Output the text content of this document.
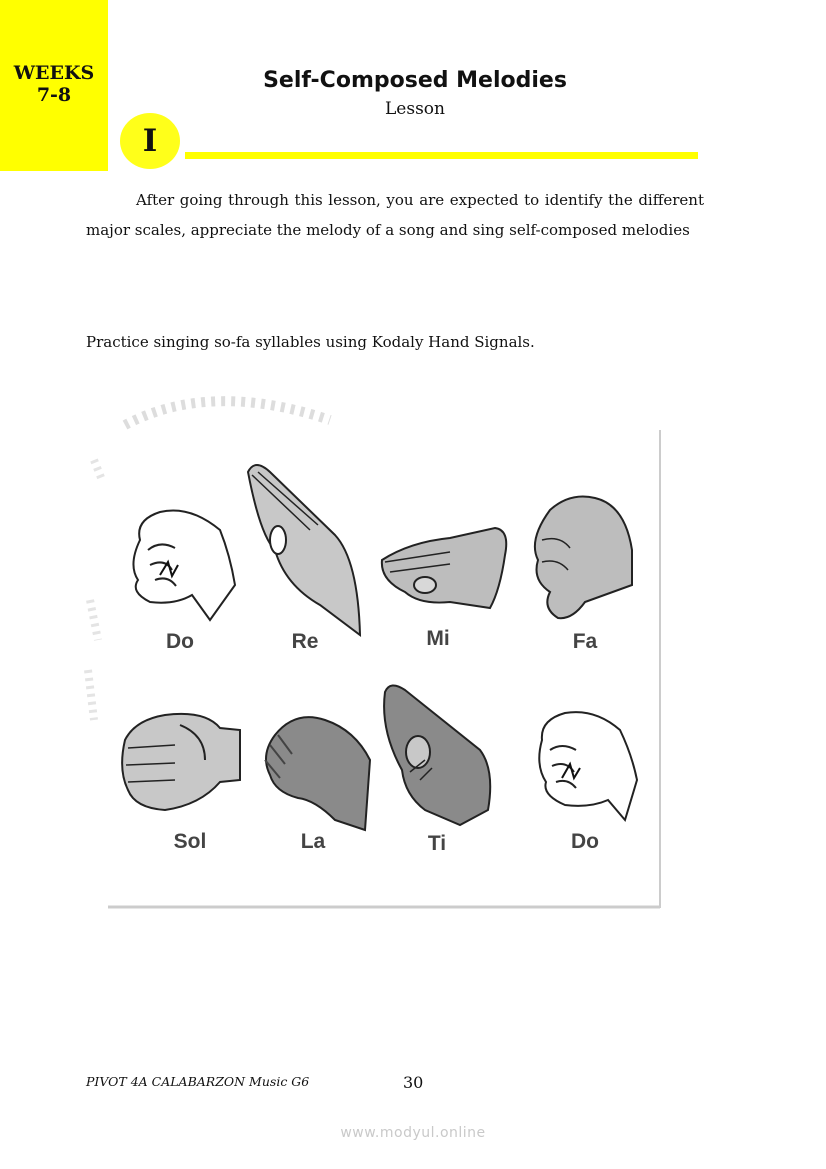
WEEKS
7-8
Self-Composed Melodies
Lesson
I

After going through this lesson, you are expected to identify the different major scales, appreciate the melody of a song and sing self-composed melodies

Practice singing so-fa syllables using Kodaly Hand Signals.

Do	Re	Mi	Fa
Sol	La	Ti	Do
PIVOT 4A CALABARZON Music G6	30
www.modyul.online
